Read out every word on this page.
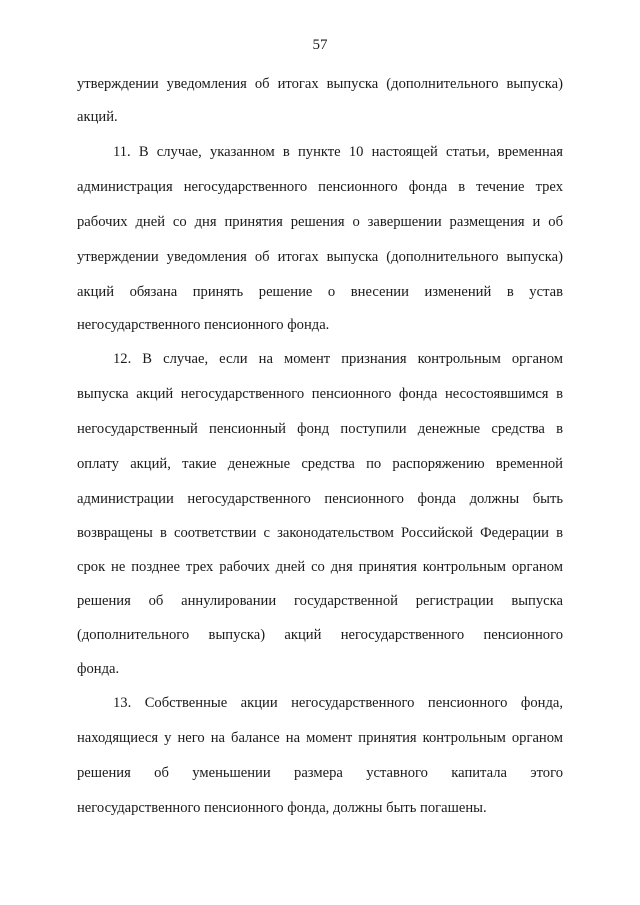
57
утверждении уведомления об итогах выпуска (дополнительного выпуска)
акций.
11. В случае, указанном в пункте 10 настоящей статьи, временная
администрация негосударственного пенсионного фонда в течение трех
рабочих дней со дня принятия решения о завершении размещения и об
утверждении уведомления об итогах выпуска (дополнительного выпуска)
акций обязана принять решение о внесении изменений в устав
негосударственного пенсионного фонда.
12. В случае, если на момент признания контрольным органом
выпуска акций негосударственного пенсионного фонда несостоявшимся в
негосударственный пенсионный фонд поступили денежные средства в
оплату акций, такие денежные средства по распоряжению временной
администрации негосударственного пенсионного фонда должны быть
возвращены в соответствии с законодательством Российской Федерации в
срок не позднее трех рабочих дней со дня принятия контрольным органом
решения об аннулировании государственной регистрации выпуска
(дополнительного выпуска) акций негосударственного пенсионного
фонда.
13. Собственные акции негосударственного пенсионного фонда,
находящиеся у него на балансе на момент принятия контрольным органом
решения об уменьшении размера уставного капитала этого
негосударственного пенсионного фонда, должны быть погашены.
